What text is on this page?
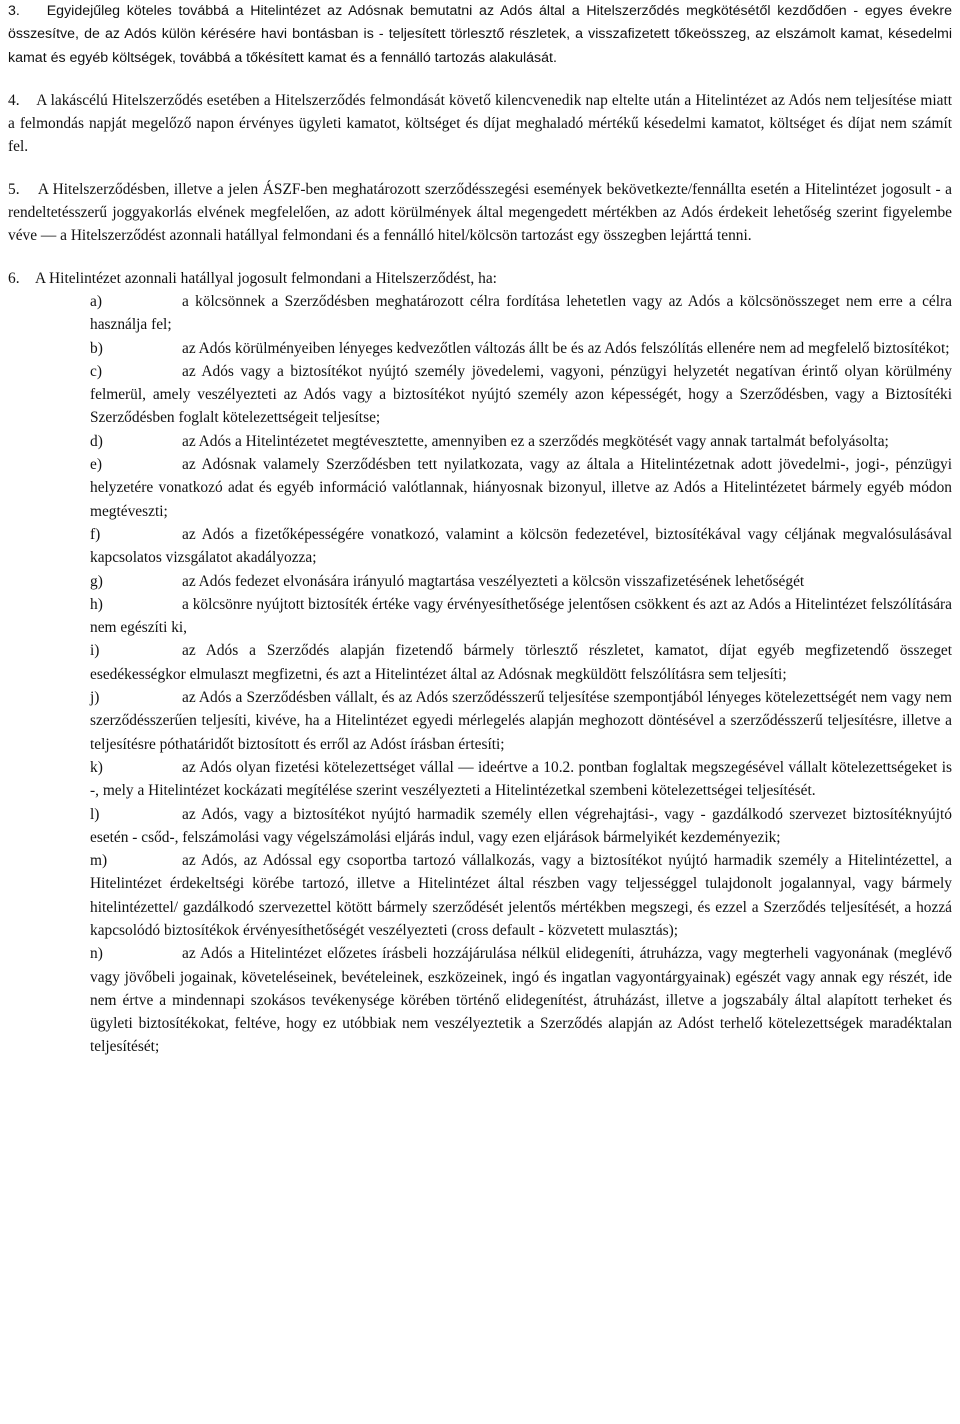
3. Egyidejűleg köteles továbbá a Hitelintézet az Adósnak bemutatni az Adós által a Hitelszerződés megkötésétől kezdődően - egyes évekre összesítve, de az Adós külön kérésére havi bontásban is - teljesített törlesztő részletek, a visszafizetett tőkeösszeg, az elszámolt kamat, késedelmi kamat és egyéb költségek, továbbá a tőkésített kamat és a fennálló tartozás alakulását.
4. A lakáscélú Hitelszerződés esetében a Hitelszerződés felmondását követő kilencvenedik nap eltelte után a Hitelintézet az Adós nem teljesítése miatt a felmondás napját megelőző napon érvényes ügyleti kamatot, költséget és díjat meghaladó mértékű késedelmi kamatot, költséget és díjat nem számít fel.
5. A Hitelszerződésben, illetve a jelen ÁSZF-ben meghatározott szerződésszegési események bekövetkezte/fennállta esetén a Hitelintézet jogosult - a rendeltetésszerű joggyakorlás elvének megfelelően, az adott körülmények által megengedett mértékben az Adós érdekeit lehetőség szerint figyelembe véve ― a Hitelszerződést azonnali hatállyal felmondani és a fennálló hitel/kölcsön tartozást egy összegben lejárttá tenni.
6. A Hitelintézet azonnali hatállyal jogosult felmondani a Hitelszerződést, ha:
a)	a kölcsönnek a Szerződésben meghatározott célra fordítása lehetetlen vagy az Adós a kölcsönösszeget nem erre a célra használja fel;
b)	az Adós körülményeiben lényeges kedvezőtlen változás állt be és az Adós felszólítás ellenére nem ad megfelelő biztosítékot;
c)	az Adós vagy a biztosítékot nyújtó személy jövedelemi, vagyoni, pénzügyi helyzetét negatívan érintő olyan körülmény felmerül, amely veszélyezteti az Adós vagy a biztosítékot nyújtó személy azon képességét, hogy a Szerződésben, vagy a Biztosítéki Szerződésben foglalt kötelezettségeit teljesítse;
d)	az Adós a Hitelintézetet megtévesztette, amennyiben ez a szerződés megkötését vagy annak tartalmát befolyásolta;
e)	az Adósnak valamely Szerződésben tett nyilatkozata, vagy az általa a Hitelintézetnak adott jövedelmi-, jogi-, pénzügyi helyzetére vonatkozó adat és egyéb információ valótlannak, hiányosnak bizonyul, illetve az Adós a Hitelintézetet bármely egyéb módon megtéveszti;
f)	az Adós a fizetőképességére vonatkozó, valamint a kölcsön fedezetével, biztosítékával vagy céljának megvalósulásával kapcsolatos vizsgálatot akadályozza;
g)	az Adós fedezet elvonására irányuló magtartása veszélyezteti a kölcsön visszafizetésének lehetőségét
h)	a kölcsönre nyújtott biztosíték értéke vagy érvényesíthetősége jelentősen csökkent és azt az Adós a Hitelintézet felszólítására nem egészíti ki,
i)	az Adós a Szerződés alapján fizetendő bármely törlesztő részletet, kamatot, díjat egyéb megfizetendő összeget esedékességkor elmulaszt megfizetni, és azt a Hitelintézet által az Adósnak megküldött felszólításra sem teljesíti;
j)	az Adós a Szerződésben vállalt, és az Adós szerződésszerű teljesítése szempontjából lényeges kötelezettségét nem vagy nem szerződésszerűen teljesíti, kivéve, ha a Hitelintézet egyedi mérlegelés alapján meghozott döntésével a szerződésszerű teljesítésre, illetve a teljesítésre póthatáridőt biztosított és erről az Adóst írásban értesíti;
k)	az Adós olyan fizetési kötelezettséget vállal ― ideértve a 10.2. pontban foglaltak megszegésével vállalt kötelezettségeket is -, mely a Hitelintézet kockázati megítélése szerint veszélyezteti a Hitelintézetkal szembeni kötelezettségei teljesítését.
l)	az Adós, vagy a biztosítékot nyújtó harmadik személy ellen végrehajtási-, vagy - gazdálkodó szervezet biztosítéknyújtó esetén - csőd-, felszámolási vagy végelszámolási eljárás indul, vagy ezen eljárások bármelyikét kezdeményezik;
m)	az Adós, az Adóssal egy csoportba tartozó vállalkozás, vagy a biztosítékot nyújtó harmadik személy a Hitelintézettel, a Hitelintézet érdekeltségi körébe tartozó, illetve a Hitelintézet által részben vagy teljességgel tulajdonolt jogalannyal, vagy bármely hitelintézettel/ gazdálkodó szervezettel kötött bármely szerződését jelentős mértékben megszegi, és ezzel a Szerződés teljesítését, a hozzá kapcsolódó biztosítékok érvényesíthetőségét veszélyezteti (cross default - közvetett mulasztás);
n)	az Adós a Hitelintézet előzetes írásbeli hozzájárulása nélkül elidegeníti, átruházza, vagy megterheli vagyonának (meglévő vagy jövőbeli jogainak, követeléseinek, bevételeinek, eszközeinek, ingó és ingatlan vagyontárgyainak) egészét vagy annak egy részét, ide nem értve a mindennapi szokásos tevékenysége körében történő elidegenítést, átruházást, illetve a jogszabály által alapított terheket és ügyleti biztosítékokat, feltéve, hogy ez utóbbiak nem veszélyeztetik a Szerződés alapján az Adóst terhelő kötelezettségek maradéktalan teljesítését;
